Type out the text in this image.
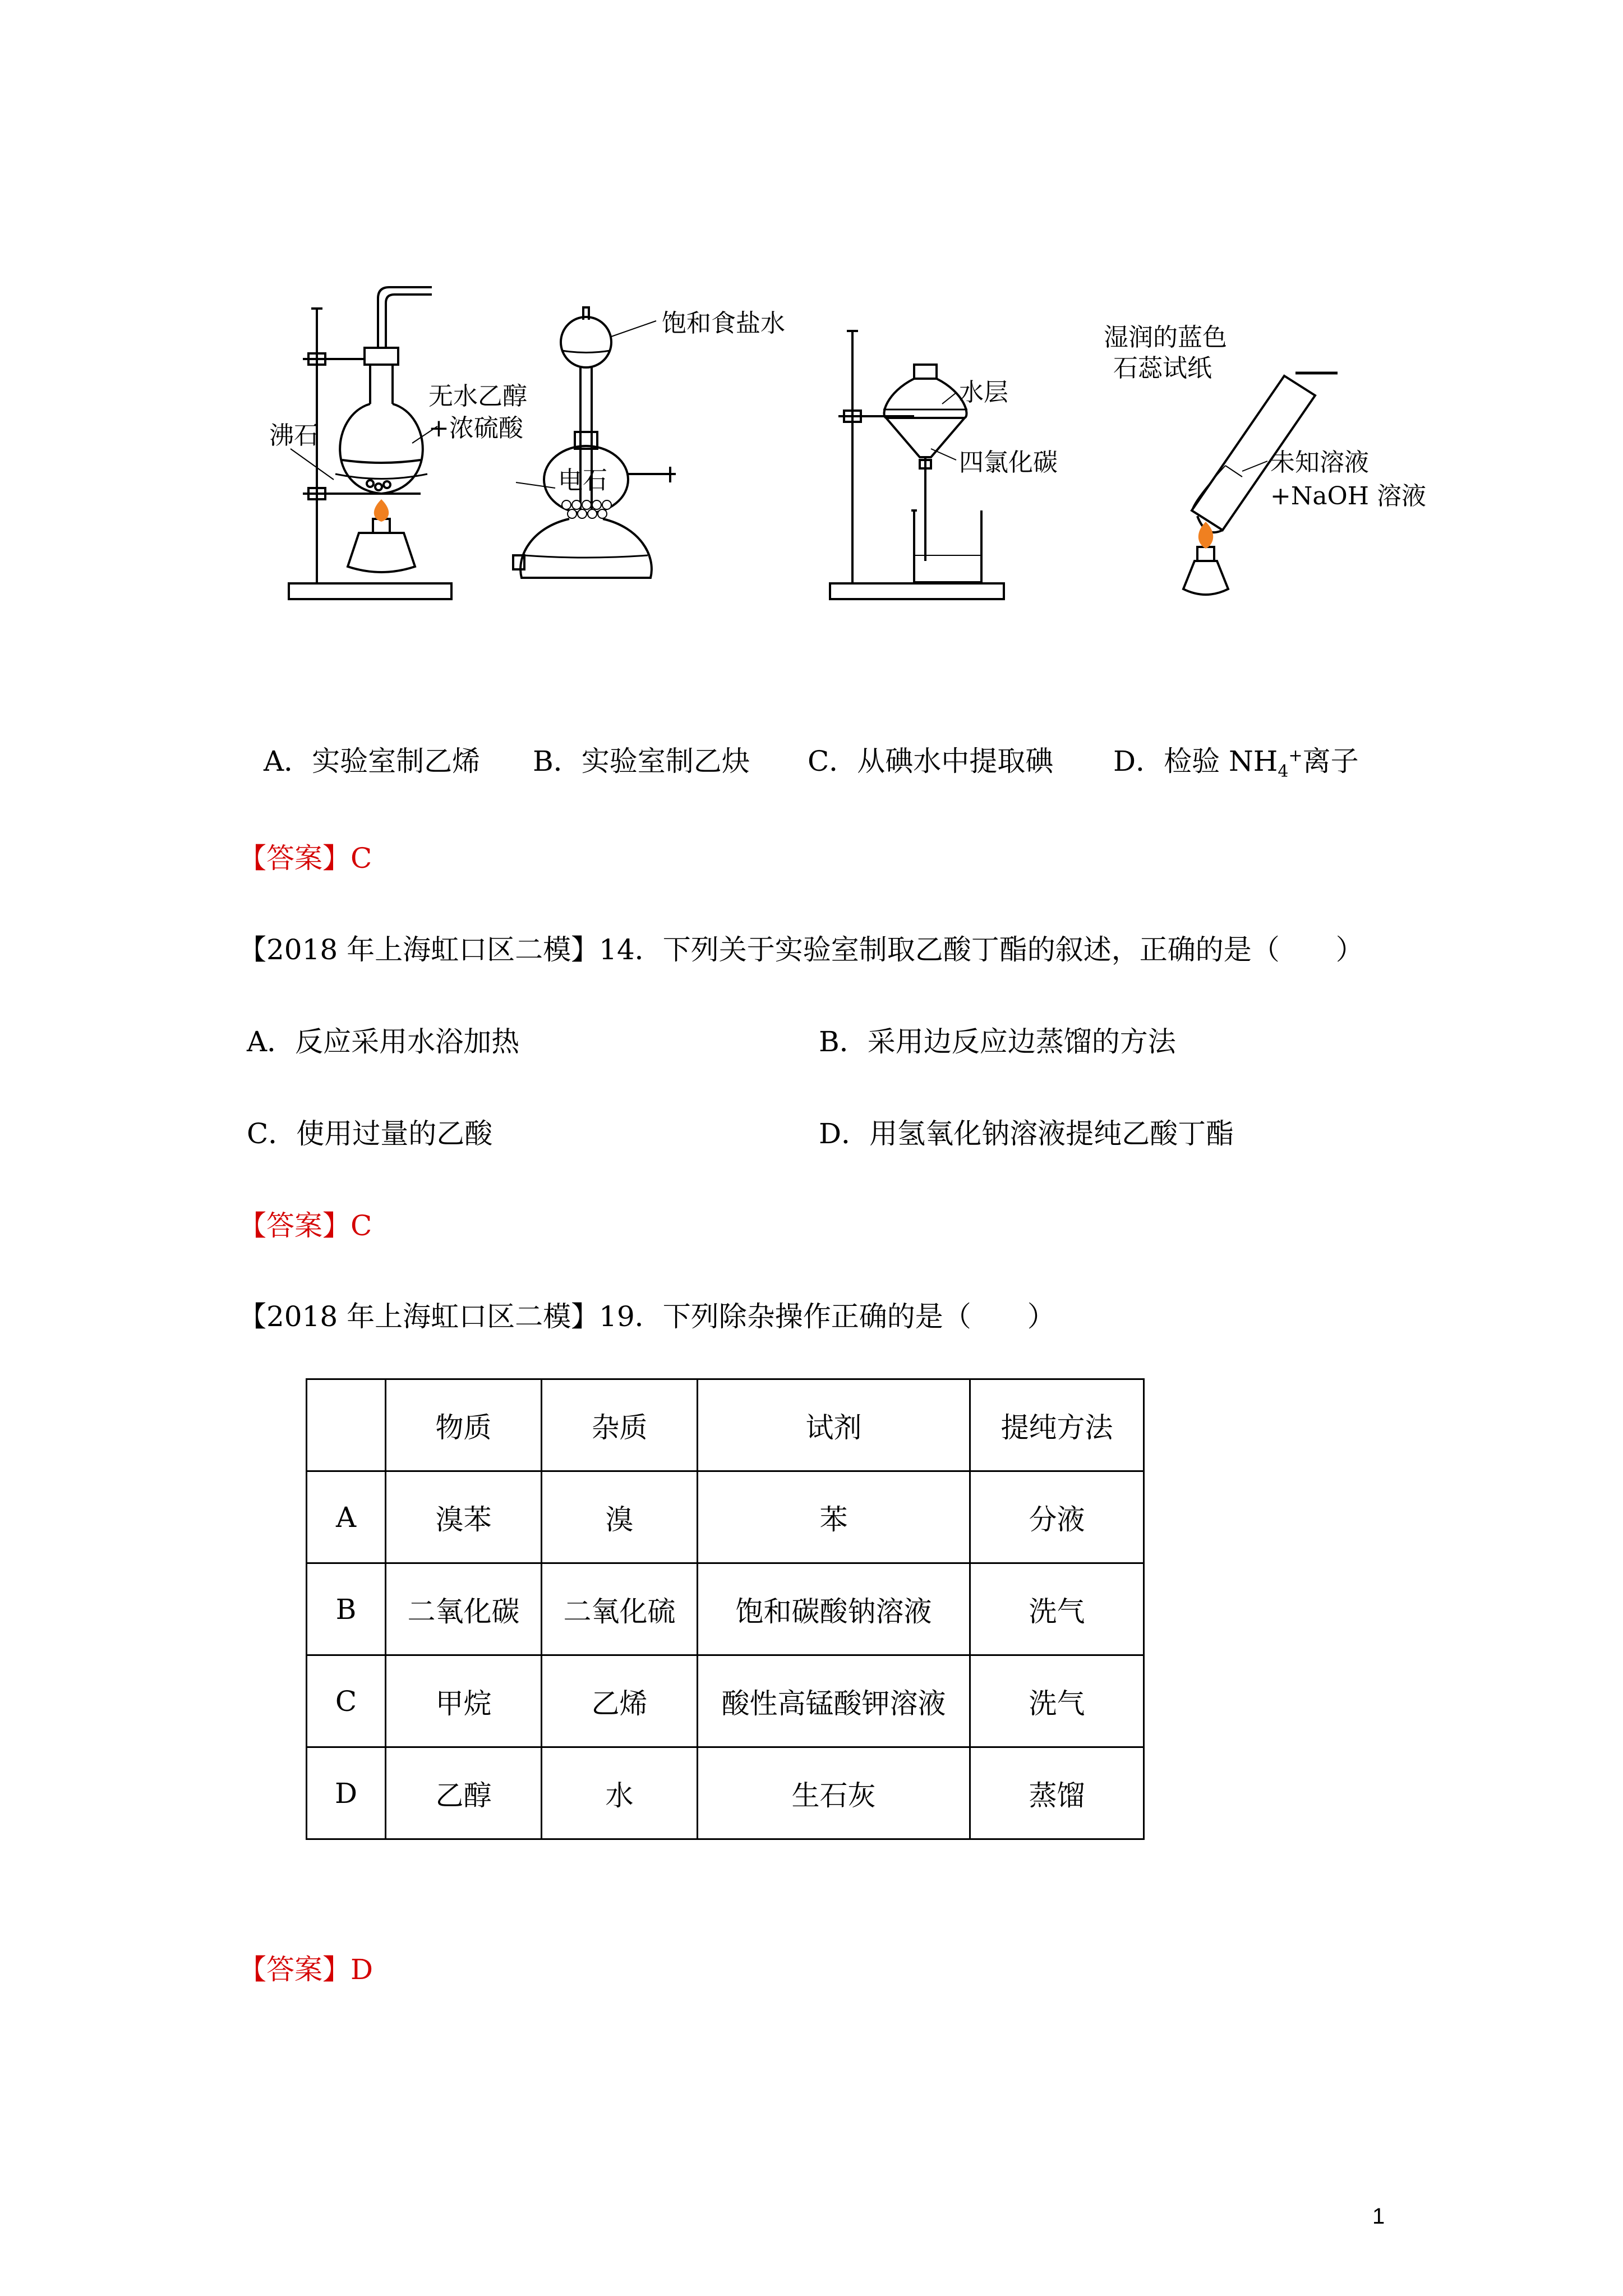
沸石
无水乙醇
+浓硫酸
饱和食盐水
电石
水层
四氯化碳
湿润的蓝色
石蕊试纸
未知溶液
+NaOH 溶液
A．实验室制乙烯 B．实验室制乙炔 C．从碘水中提取碘 D．检验 $NH_4^+$离子
【答案】C
【2018 年上海虹口区二模】14．下列关于实验室制取乙酸丁酯的叙述，正确的是（　　）
A．反应采用水浴加热	B．采用边反应边蒸馏的方法
C．使用过量的乙酸	D．用氢氧化钠溶液提纯乙酸丁酯
【答案】C
【2018 年上海虹口区二模】19．下列除杂操作正确的是（　　）
	物质	杂质	试剂	提纯方法
A	溴苯	溴	苯	分液
B	二氧化碳	二氧化硫	饱和碳酸钠溶液	洗气
C	甲烷	乙烯	酸性高锰酸钾溶液	洗气
D	乙醇	水	生石灰	蒸馏
【答案】D
1
